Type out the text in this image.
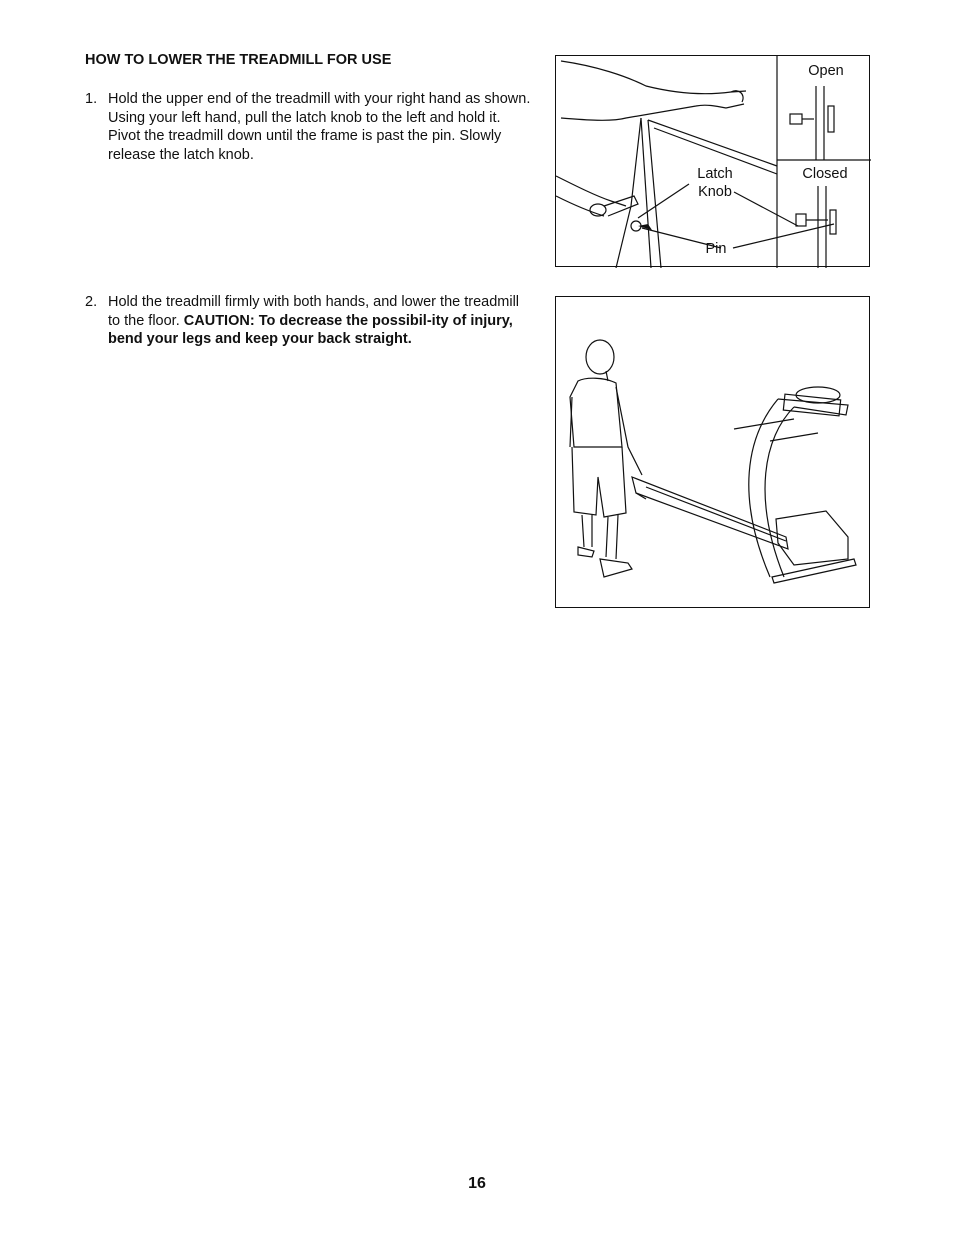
HOW TO LOWER THE TREADMILL FOR USE
1. Hold the upper end of the treadmill with your right hand as shown. Using your left hand, pull the latch knob to the left and hold it. Pivot the treadmill down until the frame is past the pin. Slowly release the latch knob.
2. Hold the treadmill firmly with both hands, and lower the treadmill to the floor. CAUTION: To decrease the possibil-ity of injury, bend your legs and keep your back straight.
Open
Closed
Latch
Knob
Pin
16
